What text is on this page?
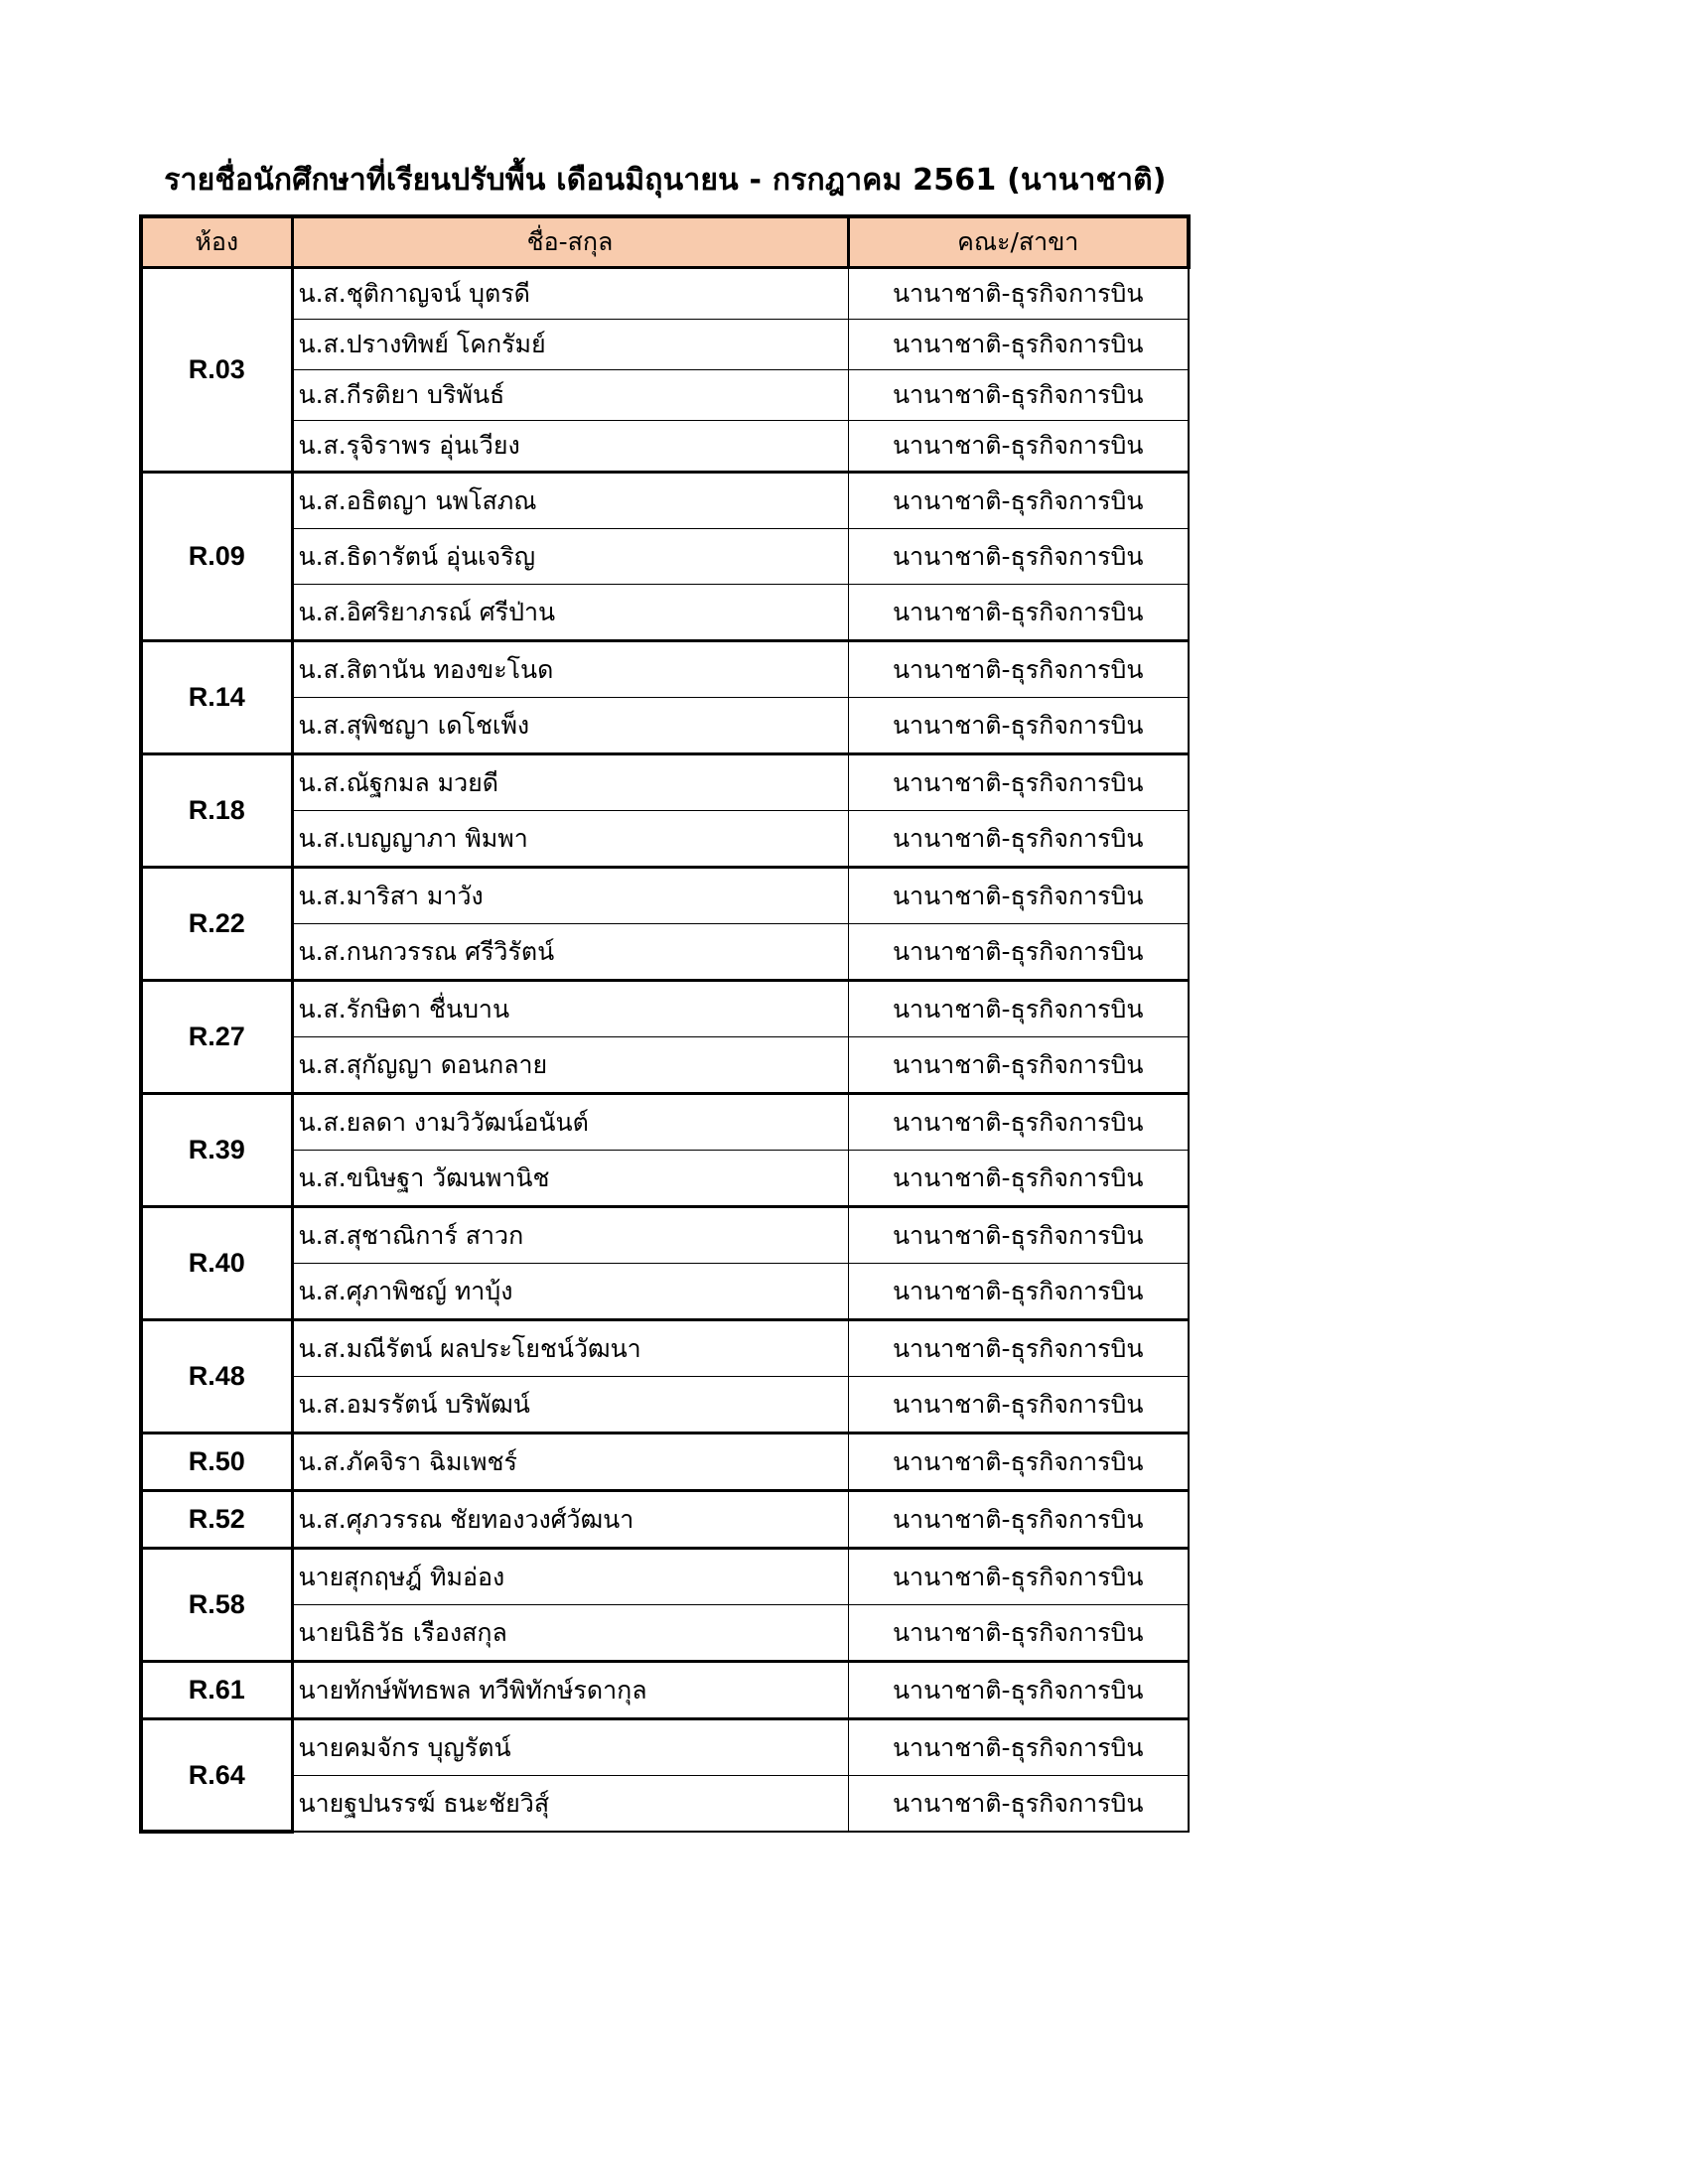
รายชื่อนักศึกษาที่เรียนปรับพื้น เดือนมิถุนายน - กรกฎาคม 2561 (นานาชาติ)
ห้อง	ชื่อ-สกุล	คณะ/สาขา
R.03	น.ส.ชุติกาญจน์ บุตรดี	นานาชาติ-ธุรกิจการบิน
	น.ส.ปรางทิพย์ โคกรัมย์	นานาชาติ-ธุรกิจการบิน
	น.ส.กีรติยา บริพันธ์	นานาชาติ-ธุรกิจการบิน
	น.ส.รุจิราพร อุ่นเวียง	นานาชาติ-ธุรกิจการบิน
R.09	น.ส.อธิตญา นพโสภณ	นานาชาติ-ธุรกิจการบิน
	น.ส.ธิดารัตน์ อุ่นเจริญ	นานาชาติ-ธุรกิจการบิน
	น.ส.อิศริยาภรณ์ ศรีป่าน	นานาชาติ-ธุรกิจการบิน
R.14	น.ส.สิตานัน ทองขะโนด	นานาชาติ-ธุรกิจการบิน
	น.ส.สุพิชญา เดโชเพ็ง	นานาชาติ-ธุรกิจการบิน
R.18	น.ส.ณัฐกมล มวยดี	นานาชาติ-ธุรกิจการบิน
	น.ส.เบญญาภา พิมพา	นานาชาติ-ธุรกิจการบิน
R.22	น.ส.มาริสา มาวัง	นานาชาติ-ธุรกิจการบิน
	น.ส.กนกวรรณ ศรีวิรัตน์	นานาชาติ-ธุรกิจการบิน
R.27	น.ส.รักษิตา ชื่นบาน	นานาชาติ-ธุรกิจการบิน
	น.ส.สุกัญญา ดอนกลาย	นานาชาติ-ธุรกิจการบิน
R.39	น.ส.ยลดา งามวิวัฒน์อนันต์	นานาชาติ-ธุรกิจการบิน
	น.ส.ขนิษฐา วัฒนพานิช	นานาชาติ-ธุรกิจการบิน
R.40	น.ส.สุชาณิการ์ สาวก	นานาชาติ-ธุรกิจการบิน
	น.ส.ศุภาพิชญ์ ทาบุ้ง	นานาชาติ-ธุรกิจการบิน
R.48	น.ส.มณีรัตน์ ผลประโยชน์วัฒนา	นานาชาติ-ธุรกิจการบิน
	น.ส.อมรรัตน์ บริพัฒน์	นานาชาติ-ธุรกิจการบิน
R.50	น.ส.ภัคจิรา ฉิมเพชร์	นานาชาติ-ธุรกิจการบิน
R.52	น.ส.ศุภวรรณ ชัยทองวงศ์วัฒนา	นานาชาติ-ธุรกิจการบิน
R.58	นายสุกฤษฎ์ ทิมอ่อง	นานาชาติ-ธุรกิจการบิน
	นายนิธิวัธ เรืองสกุล	นานาชาติ-ธุรกิจการบิน
R.61	นายทักษ์พัทธพล ทวีพิทักษ์รดากุล	นานาชาติ-ธุรกิจการบิน
R.64	นายคมจักร บุญรัตน์	นานาชาติ-ธุรกิจการบิน
	นายฐปนรรฆ์ ธนะชัยวิสุ์	นานาชาติ-ธุรกิจการบิน
